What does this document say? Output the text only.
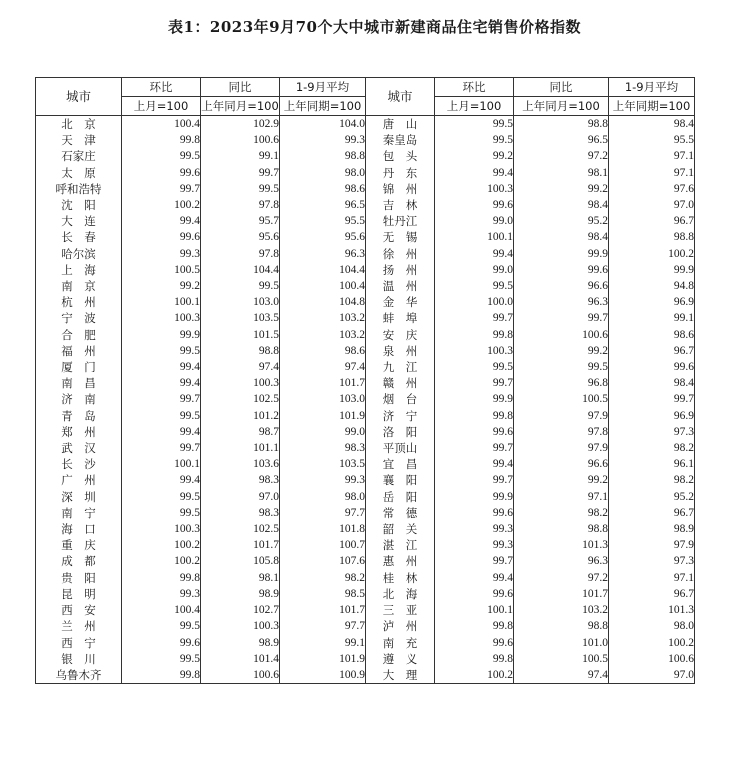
表1：2023年9月70个大中城市新建商品住宅销售价格指数
城市	环比	同比	1-9月平均	城市	环比	同比	1-9月平均
	上月=100	上年同月=100	上年同期=100		上月=100	上年同月=100	上年同期=100
北　京	100.4	102.9	104.0	唐　山	99.5	98.8	98.4
天　津	99.8	100.6	99.3	秦皇岛	99.5	96.5	95.5
石家庄	99.5	99.1	98.8	包　头	99.2	97.2	97.1
太　原	99.6	99.7	98.0	丹　东	99.4	98.1	97.1
呼和浩特	99.7	99.5	98.6	锦　州	100.3	99.2	97.6
沈　阳	100.2	97.8	96.5	吉　林	99.6	98.4	97.0
大　连	99.4	95.7	95.5	牡丹江	99.0	95.2	96.7
长　春	99.6	95.6	95.6	无　锡	100.1	98.4	98.8
哈尔滨	99.3	97.8	96.3	徐　州	99.4	99.9	100.2
上　海	100.5	104.4	104.4	扬　州	99.0	99.6	99.9
南　京	99.2	99.5	100.4	温　州	99.5	96.6	94.8
杭　州	100.1	103.0	104.8	金　华	100.0	96.3	96.9
宁　波	100.3	103.5	103.2	蚌　埠	99.7	99.7	99.1
合　肥	99.9	101.5	103.2	安　庆	99.8	100.6	98.6
福　州	99.5	98.8	98.6	泉　州	100.3	99.2	96.7
厦　门	99.4	97.4	97.4	九　江	99.5	99.5	99.6
南　昌	99.4	100.3	101.7	赣　州	99.7	96.8	98.4
济　南	99.7	102.5	103.0	烟　台	99.9	100.5	99.7
青　岛	99.5	101.2	101.9	济　宁	99.8	97.9	96.9
郑　州	99.4	98.7	99.0	洛　阳	99.6	97.8	97.3
武　汉	99.7	101.1	98.3	平顶山	99.7	97.9	98.2
长　沙	100.1	103.6	103.5	宜　昌	99.4	96.6	96.1
广　州	99.4	98.3	99.3	襄　阳	99.7	99.2	98.2
深　圳	99.5	97.0	98.0	岳　阳	99.9	97.1	95.2
南　宁	99.5	98.3	97.7	常　德	99.6	98.2	96.7
海　口	100.3	102.5	101.8	韶　关	99.3	98.8	98.9
重　庆	100.2	101.7	100.7	湛　江	99.3	101.3	97.9
成　都	100.2	105.8	107.6	惠　州	99.7	96.3	97.3
贵　阳	99.8	98.1	98.2	桂　林	99.4	97.2	97.1
昆　明	99.3	98.9	98.5	北　海	99.6	101.7	96.7
西　安	100.4	102.7	101.7	三　亚	100.1	103.2	101.3
兰　州	99.5	100.3	97.7	泸　州	99.8	98.8	98.0
西　宁	99.6	98.9	99.1	南　充	99.6	101.0	100.2
银　川	99.5	101.4	101.9	遵　义	99.8	100.5	100.6
乌鲁木齐	99.8	100.6	100.9	大　理	100.2	97.4	97.0
